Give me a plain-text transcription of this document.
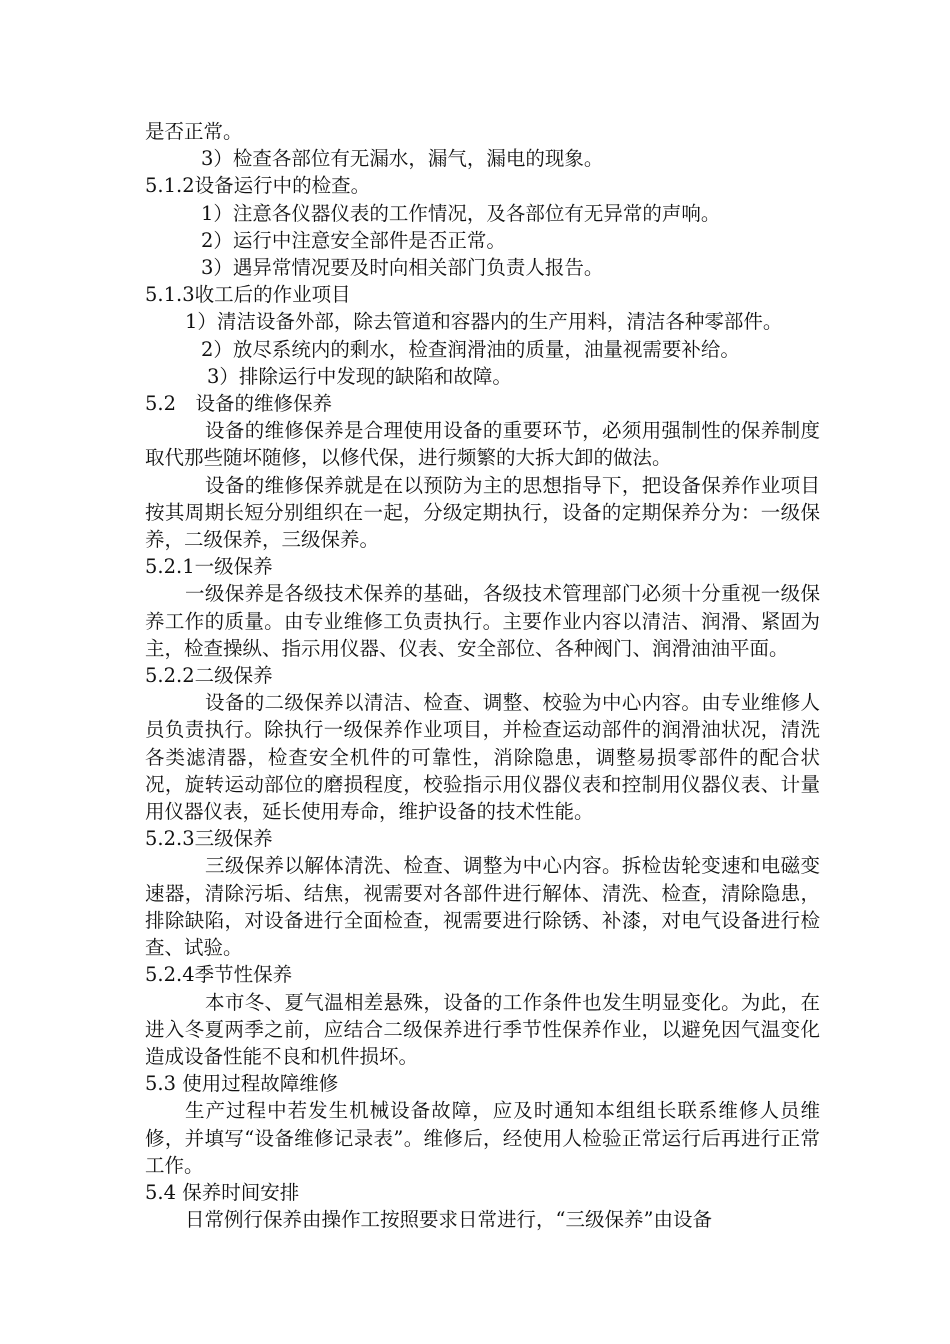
是否正常。
3）检查各部位有无漏水，漏气，漏电的现象。
5.1.2设备运行中的检查。
1）注意各仪器仪表的工作情况，及各部位有无异常的声响。
2）运行中注意安全部件是否正常。
3）遇异常情况要及时向相关部门负责人报告。
5.1.3收工后的作业项目
1）清洁设备外部，除去管道和容器内的生产用料，清洁各种零部件。
2）放尽系统内的剩水，检查润滑油的质量，油量视需要补给。
3）排除运行中发现的缺陷和故障。
5.2　设备的维修保养
设备的维修保养是合理使用设备的重要环节，必须用强制性的保养制度取代那些随坏随修，以修代保，进行频繁的大拆大卸的做法。
设备的维修保养就是在以预防为主的思想指导下，把设备保养作业项目按其周期长短分别组织在一起，分级定期执行，设备的定期保养分为：一级保养，二级保养，三级保养。
5.2.1一级保养
一级保养是各级技术保养的基础，各级技术管理部门必须十分重视一级保养工作的质量。由专业维修工负责执行。主要作业内容以清洁、润滑、紧固为主，检查操纵、指示用仪器、仪表、安全部位、各种阀门、润滑油油平面。
5.2.2二级保养
设备的二级保养以清洁、检查、调整、校验为中心内容。由专业维修人员负责执行。除执行一级保养作业项目，并检查运动部件的润滑油状况，清洗各类滤清器，检查安全机件的可靠性，消除隐患，调整易损零部件的配合状况，旋转运动部位的磨损程度，校验指示用仪器仪表和控制用仪器仪表、计量用仪器仪表，延长使用寿命，维护设备的技术性能。
5.2.3三级保养
三级保养以解体清洗、检查、调整为中心内容。拆检齿轮变速和电磁变速器，清除污垢、结焦，视需要对各部件进行解体、清洗、检查，清除隐患，排除缺陷，对设备进行全面检查，视需要进行除锈、补漆，对电气设备进行检查、试验。
5.2.4季节性保养
本市冬、夏气温相差悬殊，设备的工作条件也发生明显变化。为此，在进入冬夏两季之前，应结合二级保养进行季节性保养作业，以避免因气温变化造成设备性能不良和机件损坏。
5.3 使用过程故障维修
生产过程中若发生机械设备故障，应及时通知本组组长联系维修人员维修，并填写“设备维修记录表”。维修后，经使用人检验正常运行后再进行正常工作。
5.4 保养时间安排
日常例行保养由操作工按照要求日常进行，“三级保养”由设备
